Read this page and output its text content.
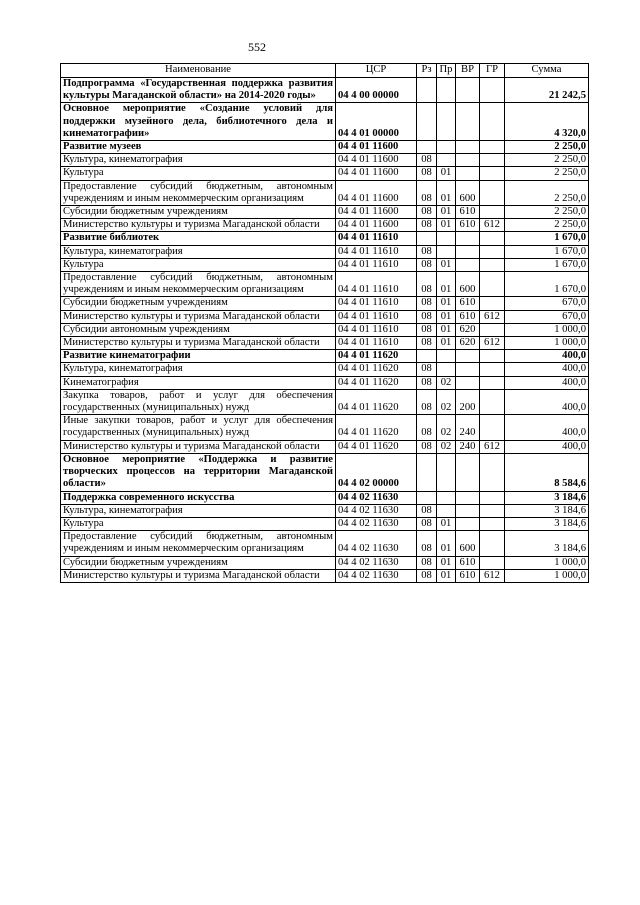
552
Наименование	ЦСР	Рз	Пр	ВР	ГР	Сумма
Подпрограмма «Государственная поддержка развития культуры Магаданской области» на 2014-2020 годы»	04 4 00 00000					21 242,5
Основное мероприятие «Создание условий для поддержки музейного дела, библиотечного дела и кинематографии»	04 4 01 00000					4 320,0
Развитие музеев	04 4 01 11600					2 250,0
Культура, кинематография	04 4 01 11600	08				2 250,0
Культура	04 4 01 11600	08	01			2 250,0
Предоставление субсидий бюджетным, автономным учреждениям и иным некоммерческим организациям	04 4 01 11600	08	01	600		2 250,0
Субсидии бюджетным учреждениям	04 4 01 11600	08	01	610		2 250,0
Министерство культуры и туризма Магаданской области	04 4 01 11600	08	01	610	612	2 250,0
Развитие библиотек	04 4 01 11610					1 670,0
Культура, кинематография	04 4 01 11610	08				1 670,0
Культура	04 4 01 11610	08	01			1 670,0
Предоставление субсидий бюджетным, автономным учреждениям и иным некоммерческим организациям	04 4 01 11610	08	01	600		1 670,0
Субсидии бюджетным учреждениям	04 4 01 11610	08	01	610		670,0
Министерство культуры и туризма Магаданской области	04 4 01 11610	08	01	610	612	670,0
Субсидии автономным учреждениям	04 4 01 11610	08	01	620		1 000,0
Министерство культуры и туризма Магаданской области	04 4 01 11610	08	01	620	612	1 000,0
Развитие кинематографии	04 4 01 11620					400,0
Культура, кинематография	04 4 01 11620	08				400,0
Кинематография	04 4 01 11620	08	02			400,0
Закупка товаров, работ и услуг для обеспечения государственных (муниципальных) нужд	04 4 01 11620	08	02	200		400,0
Иные закупки товаров, работ и услуг для обеспечения государственных (муниципальных) нужд	04 4 01 11620	08	02	240		400,0
Министерство культуры и туризма Магаданской области	04 4 01 11620	08	02	240	612	400,0
Основное мероприятие «Поддержка и развитие творческих процессов на территории Магаданской области»	04 4 02 00000					8 584,6
Поддержка современного искусства	04 4 02 11630					3 184,6
Культура, кинематография	04 4 02 11630	08				3 184,6
Культура	04 4 02 11630	08	01			3 184,6
Предоставление субсидий бюджетным, автономным учреждениям и иным некоммерческим организациям	04 4 02 11630	08	01	600		3 184,6
Субсидии бюджетным учреждениям	04 4 02 11630	08	01	610		1 000,0
Министерство культуры и туризма Магаданской области	04 4 02 11630	08	01	610	612	1 000,0
